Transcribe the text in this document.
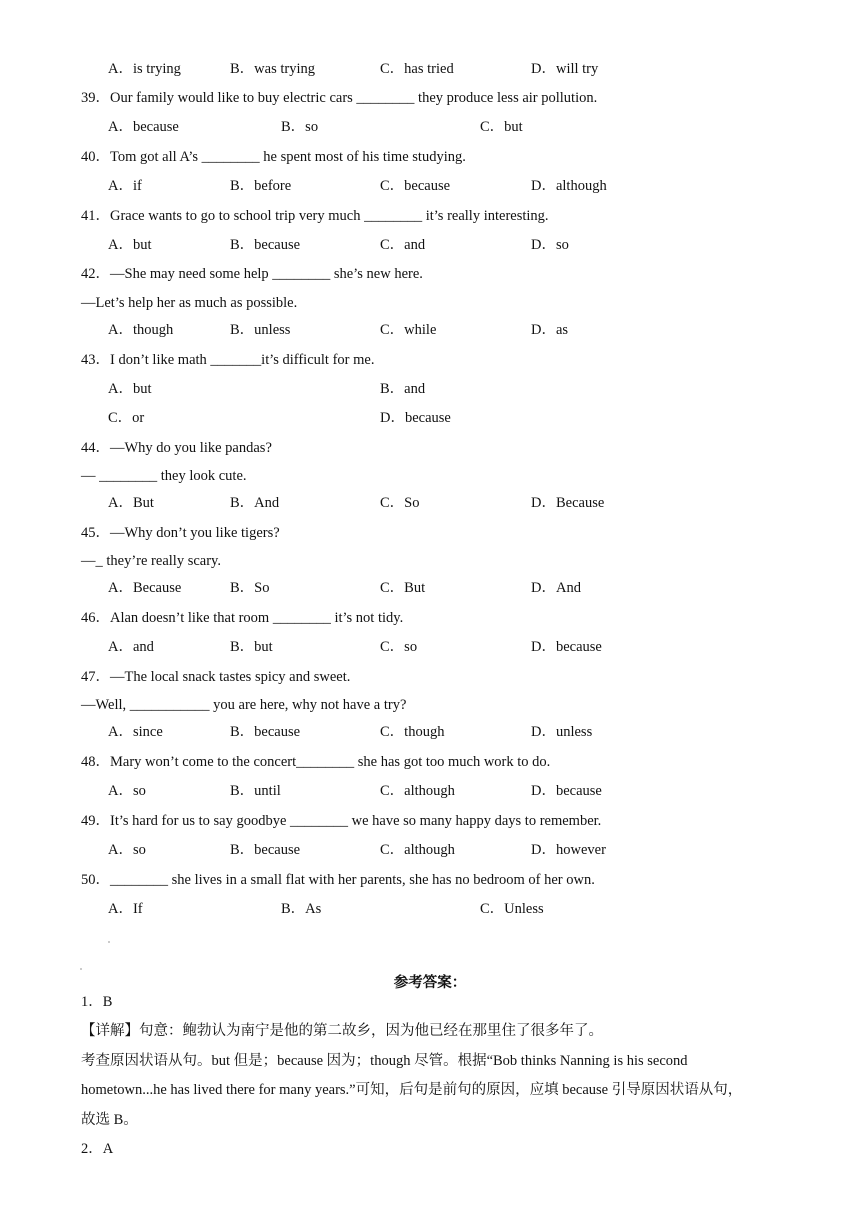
A．is trying	B．was trying	C．has tried	D．will try
39．Our family would like to buy electric cars ________ they produce less air pollution.
A．because	B．so	C．but
40．Tom got all A’s ________ he spent most of his time studying.
A．if	B．before	C．because	D．although
41．Grace wants to go to school trip very much ________ it’s really interesting.
A．but	B．because	C．and	D．so
42．—She may need some help ________ she’s new here.
—Let’s help her as much as possible.
A．though	B．unless	C．while	D．as
43．I don’t like math _______it’s difficult for me.
A．but	B．and
C．or	D．because
44．—Why do you like pandas?
— ________ they look cute.
A．But	B．And	C．So	D．Because
45．—Why don’t you like tigers?
—_ they’re really scary.
A．Because	B．So	C．But	D．And
46．Alan doesn’t like that room ________ it’s not tidy.
A．and	B．but	C．so	D．because
47．—The local snack tastes spicy and sweet.
—Well, ___________ you are here, why not have a try?
A．since	B．because	C．though	D．unless
48．Mary won’t come to the concert________ she has got too much work to do.
A．so	B．until	C．although	D．because
49．It’s hard for us to say goodbye ________ we have so many happy days to remember.
A．so	B．because	C．although	D．however
50．________ she lives in a small flat with her parents, she has no bedroom of her own.
A．If	B．As	C．Unless
参考答案：
1．B
【详解】句意：鲍勃认为南宁是他的第二故乡，因为他已经在那里住了很多年了。
考查原因状语从句。but 但是；because 因为；though 尽管。根据“Bob thinks Nanning is his second
hometown...he has lived there for many years.”可知，后句是前句的原因，应填 because 引导原因状语从句，
故选 B。
2．A
